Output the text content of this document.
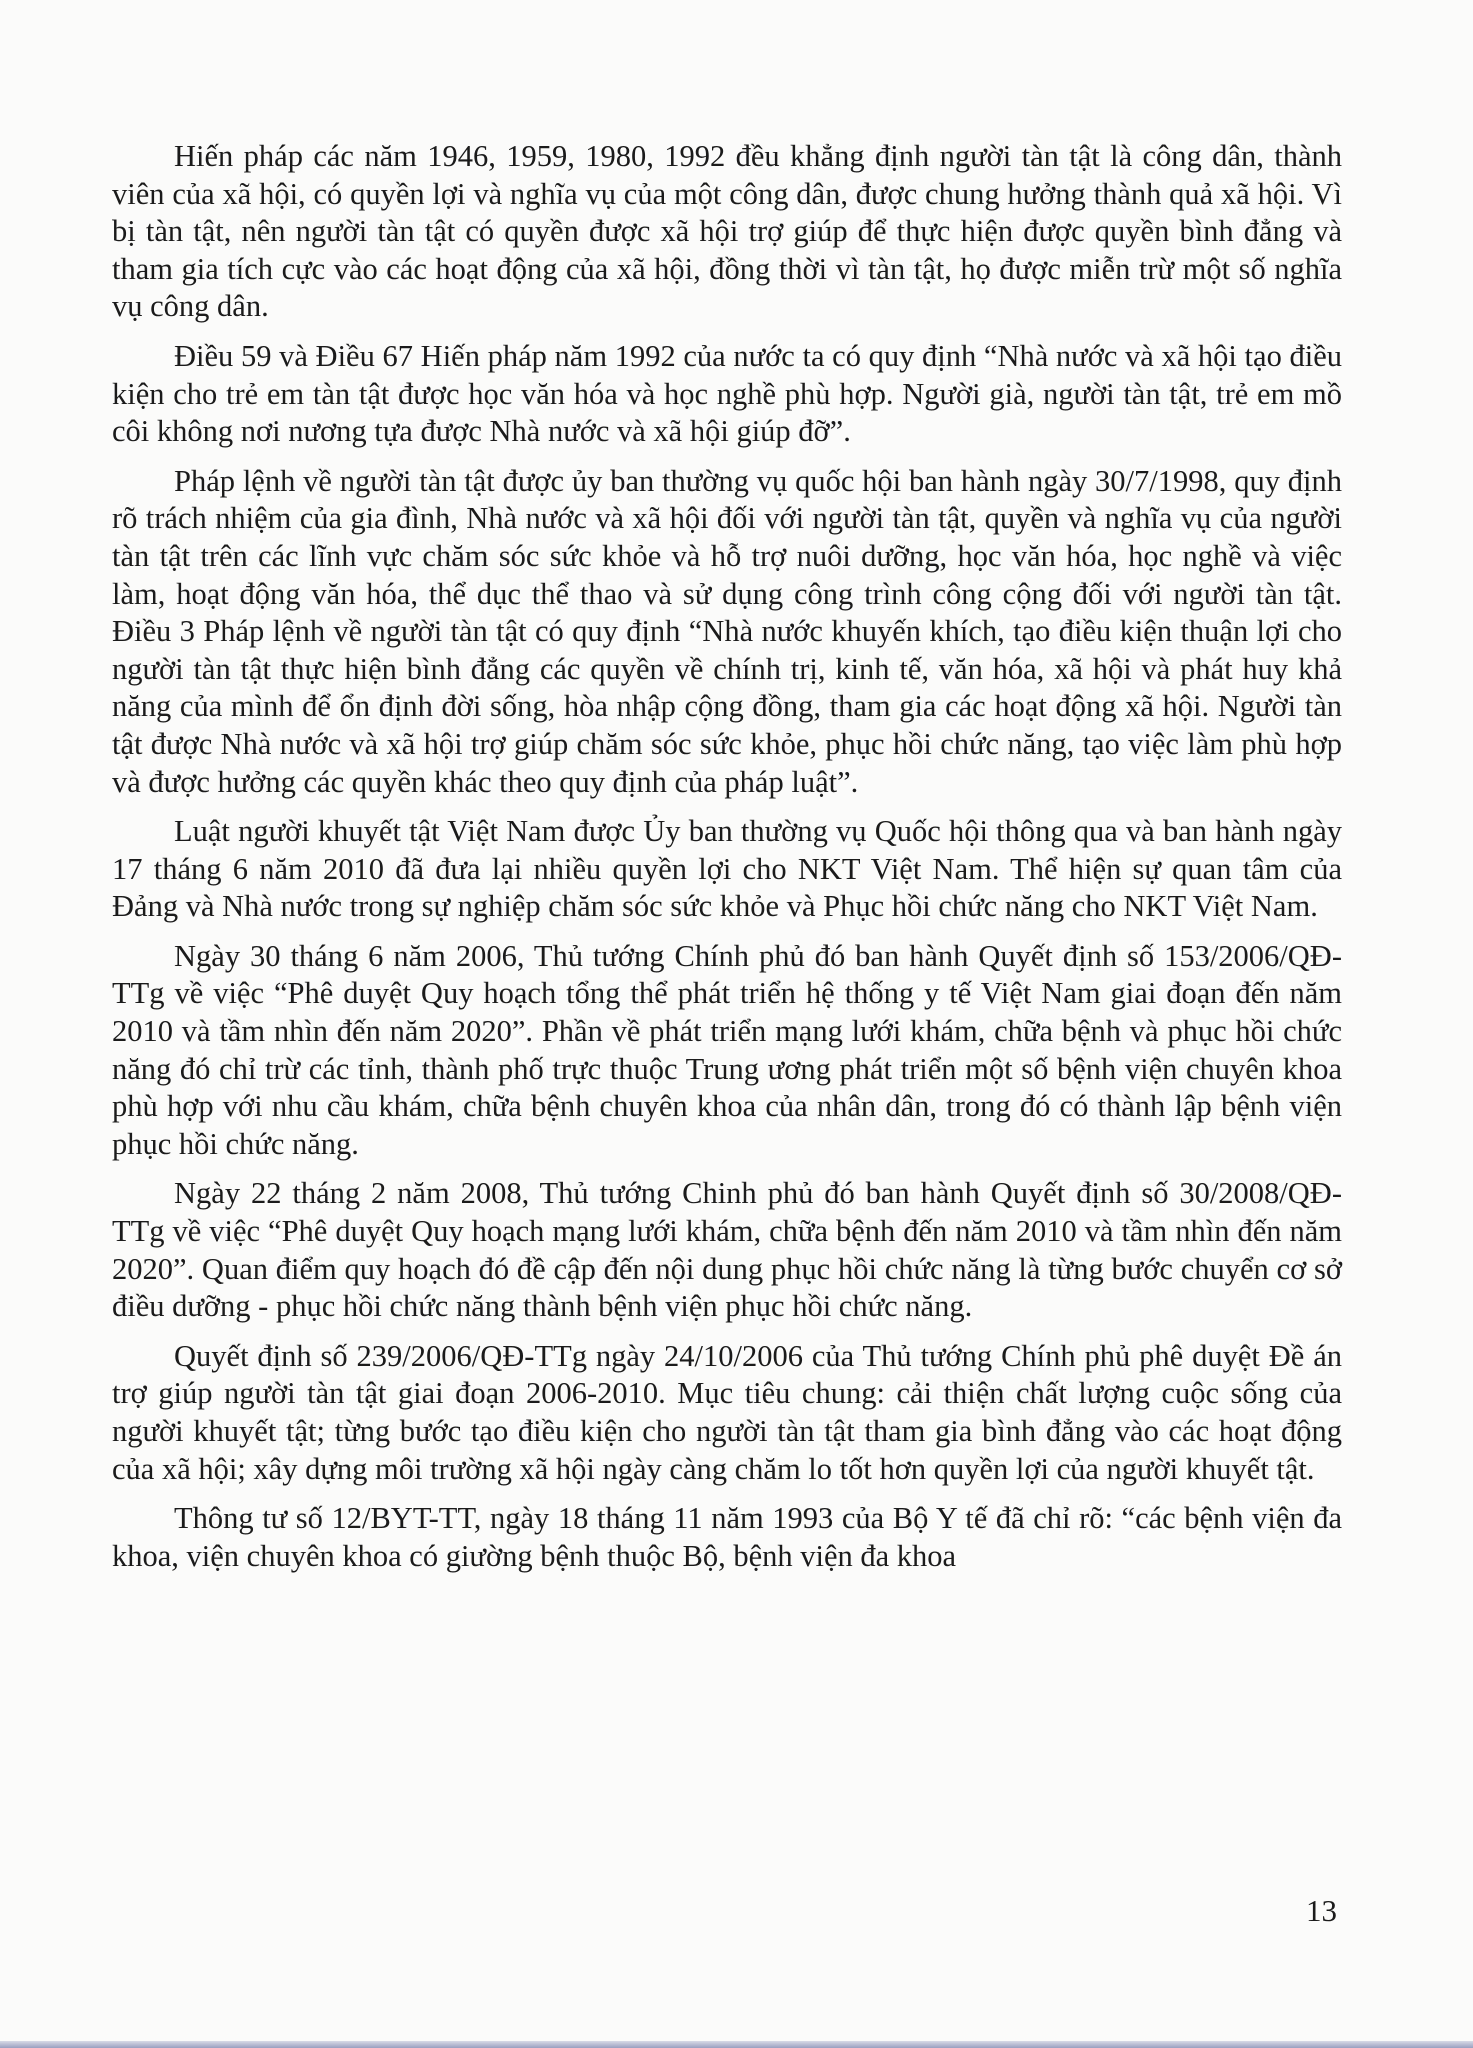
Hiến pháp các năm 1946, 1959, 1980, 1992 đều khẳng định người tàn tật là công dân, thành viên của xã hội, có quyền lợi và nghĩa vụ của một công dân, được chung hưởng thành quả xã hội. Vì bị tàn tật, nên người tàn tật có quyền được xã hội trợ giúp để thực hiện được quyền bình đẳng và tham gia tích cực vào các hoạt động của xã hội, đồng thời vì tàn tật, họ được miễn trừ một số nghĩa vụ công dân.

Điều 59 và Điều 67 Hiến pháp năm 1992 của nước ta có quy định “Nhà nước và xã hội tạo điều kiện cho trẻ em tàn tật được học văn hóa và học nghề phù hợp. Người già, người tàn tật, trẻ em mồ côi không nơi nương tựa được Nhà nước và xã hội giúp đỡ”.

Pháp lệnh về người tàn tật được ủy ban thường vụ quốc hội ban hành ngày 30/7/1998, quy định rõ trách nhiệm của gia đình, Nhà nước và xã hội đối với người tàn tật, quyền và nghĩa vụ của người tàn tật trên các lĩnh vực chăm sóc sức khỏe và hỗ trợ nuôi dưỡng, học văn hóa, học nghề và việc làm, hoạt động văn hóa, thể dục thể thao và sử dụng công trình công cộng đối với người tàn tật. Điều 3 Pháp lệnh về người tàn tật có quy định “Nhà nước khuyến khích, tạo điều kiện thuận lợi cho người tàn tật thực hiện bình đẳng các quyền về chính trị, kinh tế, văn hóa, xã hội và phát huy khả năng của mình để ổn định đời sống, hòa nhập cộng đồng, tham gia các hoạt động xã hội. Người tàn tật được Nhà nước và xã hội trợ giúp chăm sóc sức khỏe, phục hồi chức năng, tạo việc làm phù hợp và được hưởng các quyền khác theo quy định của pháp luật”.

Luật người khuyết tật Việt Nam được Ủy ban thường vụ Quốc hội thông qua và ban hành ngày 17 tháng 6 năm 2010 đã đưa lại nhiều quyền lợi cho NKT Việt Nam. Thể hiện sự quan tâm của Đảng và Nhà nước trong sự nghiệp chăm sóc sức khỏe và Phục hồi chức năng cho NKT Việt Nam.

Ngày 30 tháng 6 năm 2006, Thủ tướng Chính phủ đó ban hành Quyết định số 153/2006/QĐ-TTg về việc “Phê duyệt Quy hoạch tổng thể phát triển hệ thống y tế Việt Nam giai đoạn đến năm 2010 và tầm nhìn đến năm 2020”. Phần về phát triển mạng lưới khám, chữa bệnh và phục hồi chức năng đó chỉ trừ các tỉnh, thành phố trực thuộc Trung ương phát triển một số bệnh viện chuyên khoa phù hợp với nhu cầu khám, chữa bệnh chuyên khoa của nhân dân, trong đó có thành lập bệnh viện phục hồi chức năng.

Ngày 22 tháng 2 năm 2008, Thủ tướng Chinh phủ đó ban hành Quyết định số 30/2008/QĐ-TTg về việc “Phê duyệt Quy hoạch mạng lưới khám, chữa bệnh đến năm 2010 và tầm nhìn đến năm 2020”. Quan điểm quy hoạch đó đề cập đến nội dung phục hồi chức năng là từng bước chuyển cơ sở điều dưỡng - phục hồi chức năng thành bệnh viện phục hồi chức năng.

Quyết định số 239/2006/QĐ-TTg ngày 24/10/2006 của Thủ tướng Chính phủ phê duyệt Đề án trợ giúp người tàn tật giai đoạn 2006-2010. Mục tiêu chung: cải thiện chất lượng cuộc sống của người khuyết tật; từng bước tạo điều kiện cho người tàn tật tham gia bình đẳng vào các hoạt động của xã hội; xây dựng môi trường xã hội ngày càng chăm lo tốt hơn quyền lợi của người khuyết tật.

Thông tư số 12/BYT-TT, ngày 18 tháng 11 năm 1993 của Bộ Y tế đã chỉ rõ: “các bệnh viện đa khoa, viện chuyên khoa có giường bệnh thuộc Bộ, bệnh viện đa khoa

13
